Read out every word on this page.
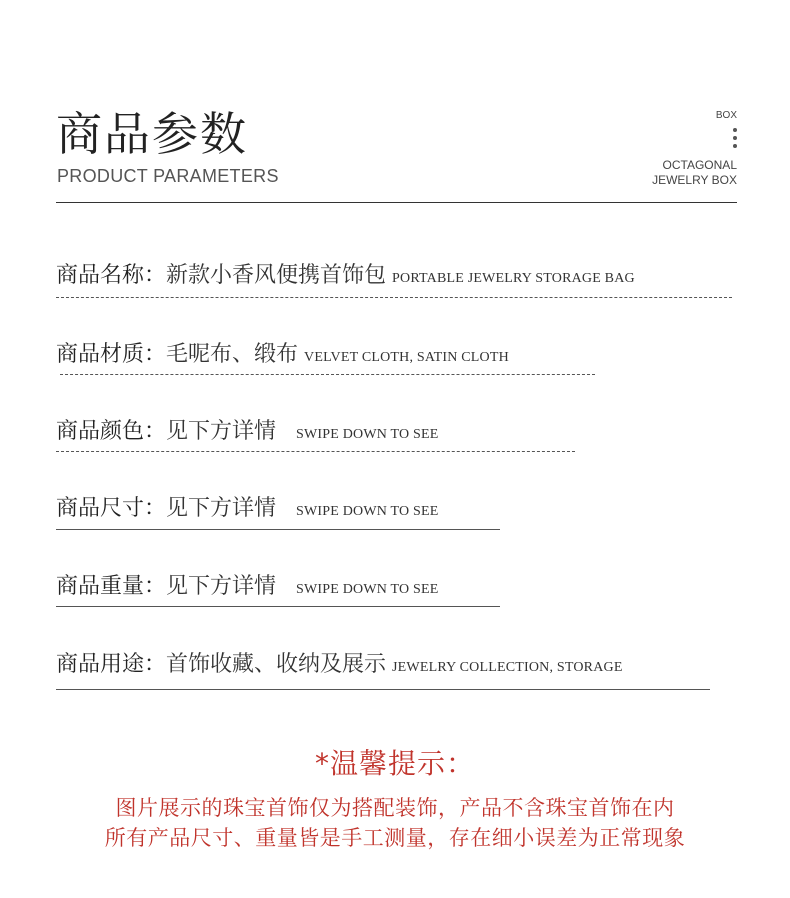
商品参数
PRODUCT PARAMETERS
BOX
OCTAGONAL
JEWELRY BOX
商品名称：新款小香风便携首饰包 PORTABLE JEWELRY STORAGE BAG
商品材质：毛呢布、缎布 VELVET CLOTH, SATIN CLOTH
商品颜色：见下方详情 SWIPE DOWN TO SEE
商品尺寸：见下方详情 SWIPE DOWN TO SEE
商品重量：见下方详情 SWIPE DOWN TO SEE
商品用途：首饰收藏、收纳及展示 JEWELRY COLLECTION, STORAGE
*温馨提示：
图片展示的珠宝首饰仅为搭配装饰，产品不含珠宝首饰在内
所有产品尺寸、重量皆是手工测量，存在细小误差为正常现象
